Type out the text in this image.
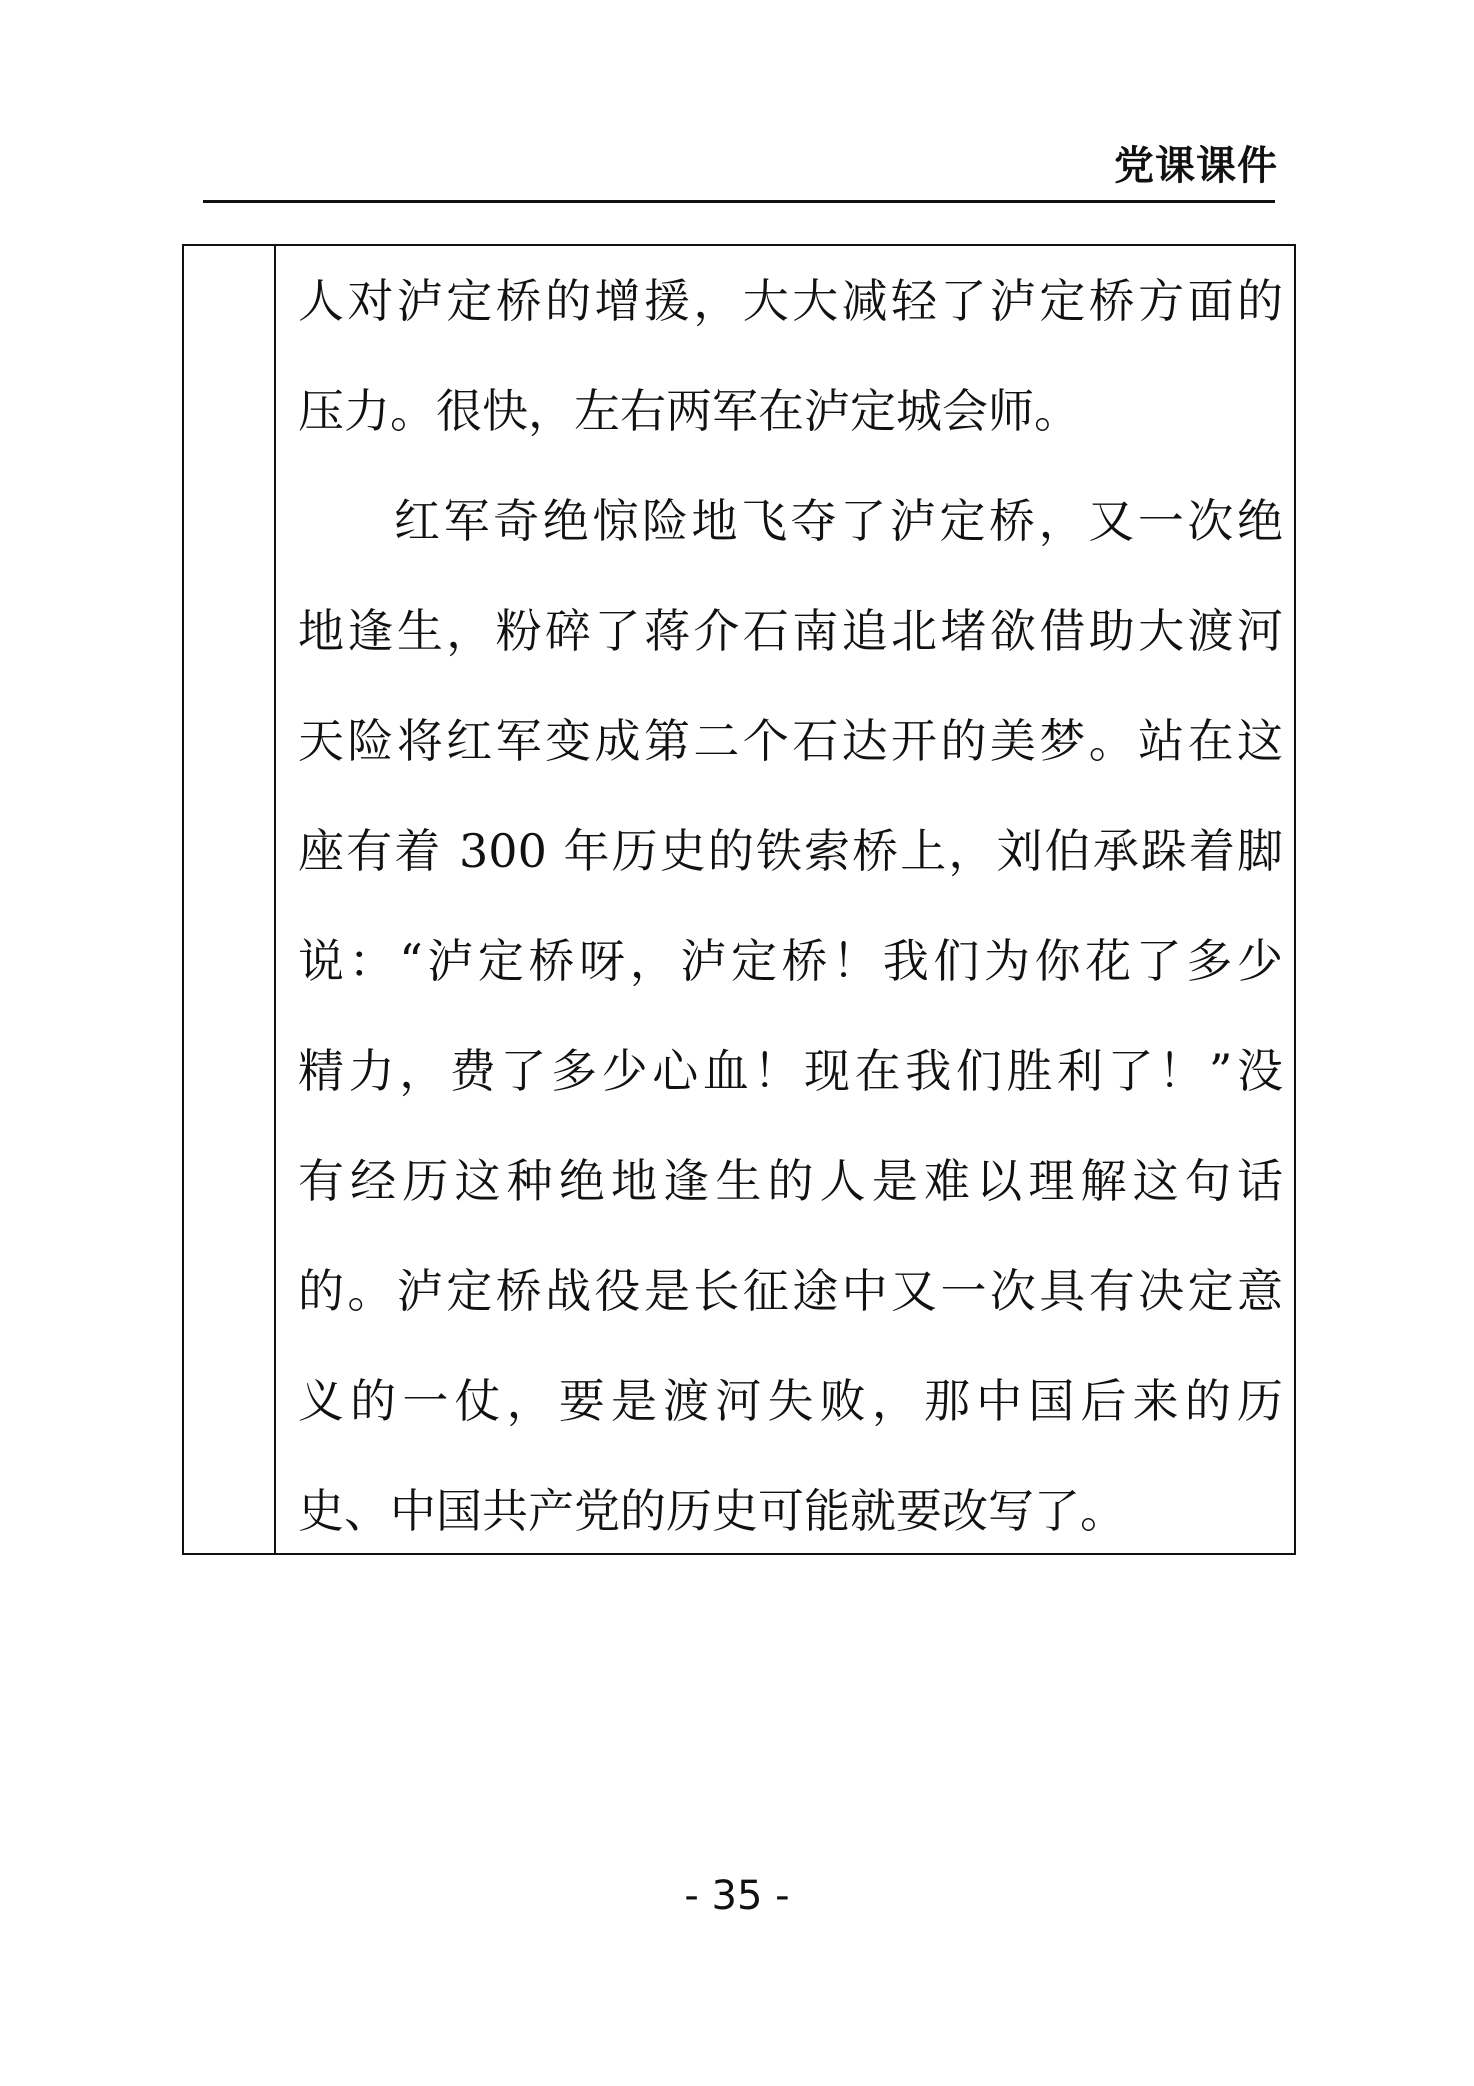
党课课件
人对泸定桥的增援，大大减轻了泸定桥方面的
压力。很快，左右两军在泸定城会师。
红军奇绝惊险地飞夺了泸定桥，又一次绝
地逢生，粉碎了蒋介石南追北堵欲借助大渡河
天险将红军变成第二个石达开的美梦。站在这
座有着 300 年历史的铁索桥上，刘伯承跺着脚
说：“泸定桥呀，泸定桥！我们为你花了多少
精力，费了多少心血！现在我们胜利了！”没
有经历这种绝地逢生的人是难以理解这句话
的。泸定桥战役是长征途中又一次具有决定意
义的一仗，要是渡河失败，那中国后来的历
史、中国共产党的历史可能就要改写了。
- 35 -
